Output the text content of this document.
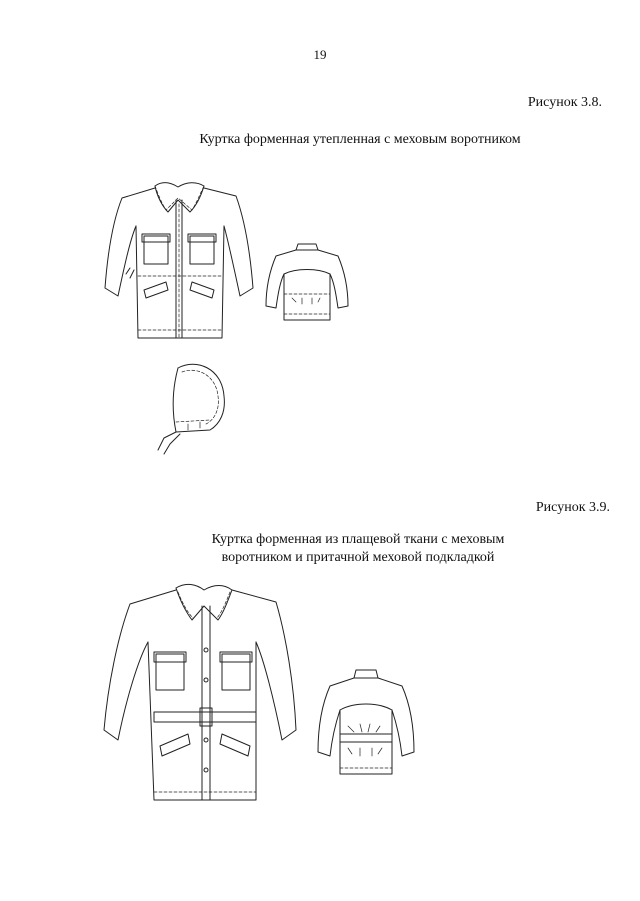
19
Рисунок 3.8.
Куртка форменная утепленная с меховым воротником
Рисунок 3.9.
Куртка форменная из плащевой ткани с меховым
воротником и притачной меховой подкладкой
